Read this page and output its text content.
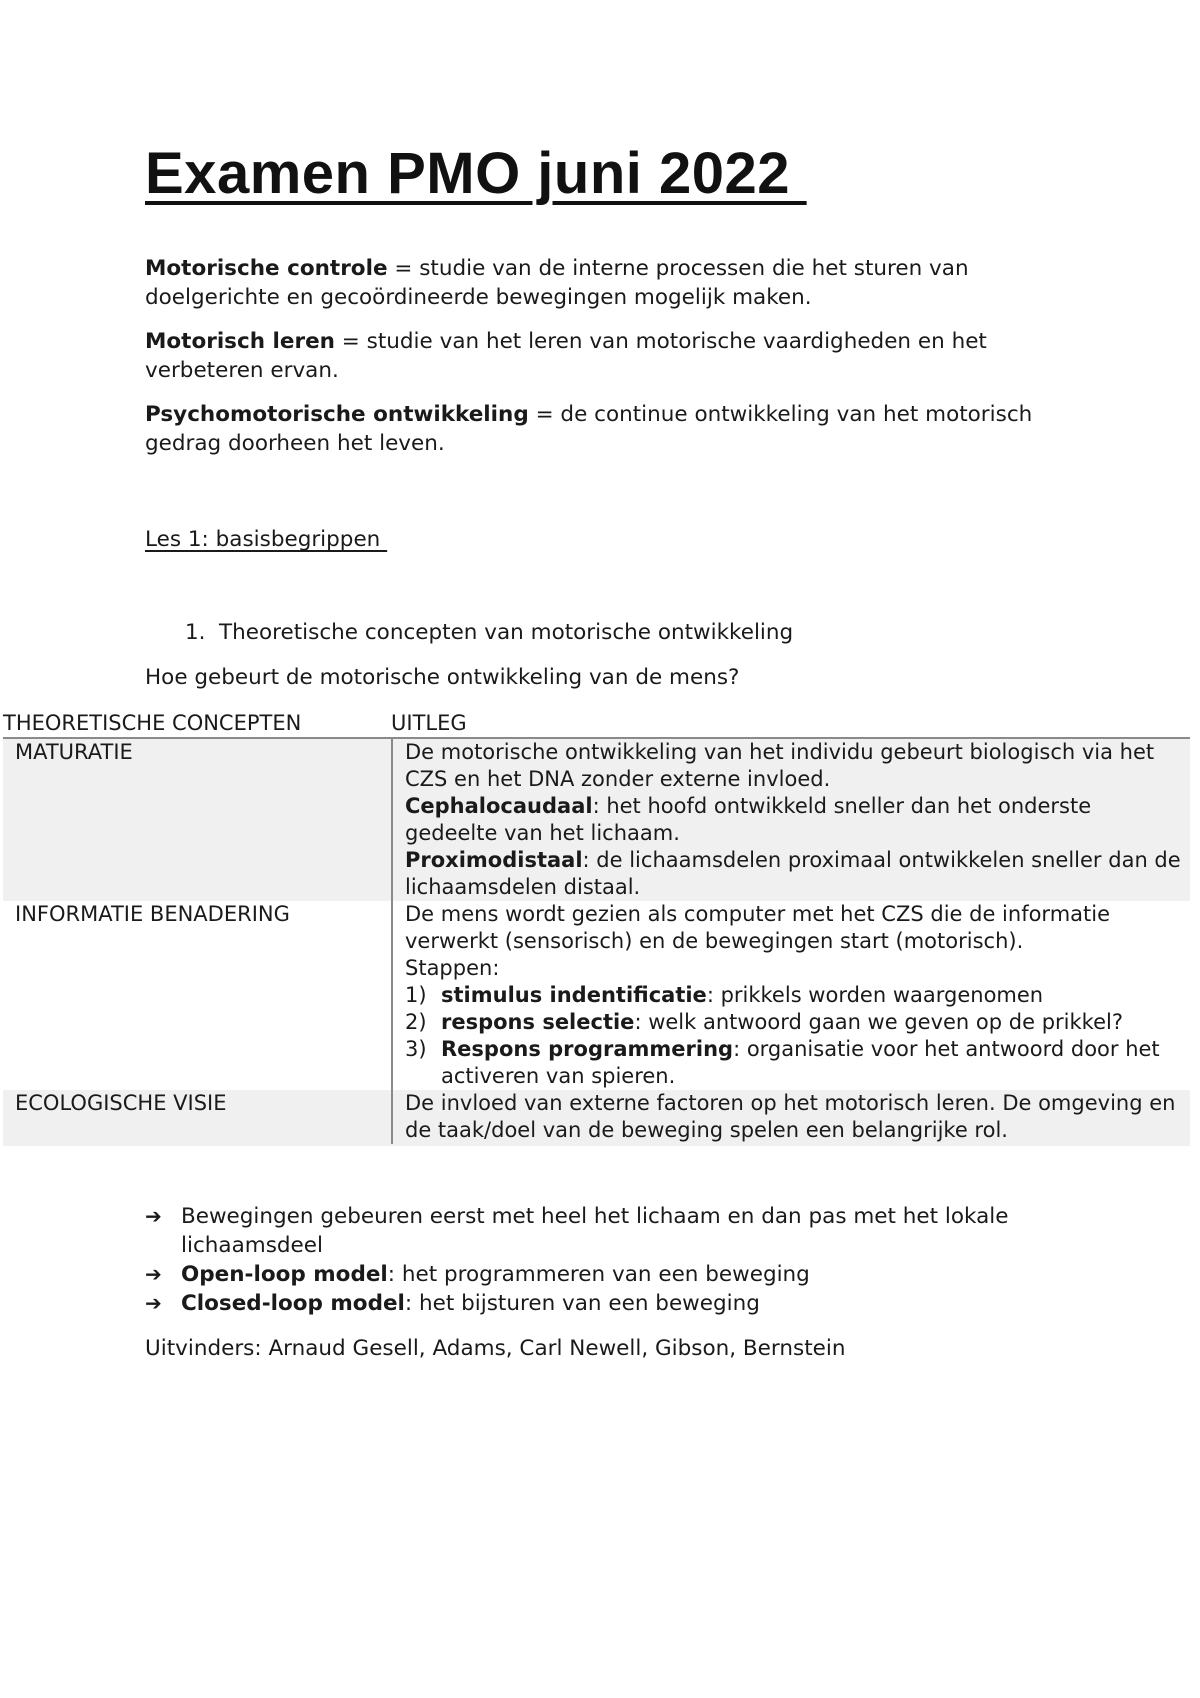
Examen PMO juni 2022

Motorische controle = studie van de interne processen die het sturen van doelgerichte en gecoördineerde bewegingen mogelijk maken.

Motorisch leren = studie van het leren van motorische vaardigheden en het verbeteren ervan.

Psychomotorische ontwikkeling = de continue ontwikkeling van het motorisch gedrag doorheen het leven.

Les 1: basisbegrippen
1. Theoretische concepten van motorische ontwikkeling
Hoe gebeurt de motorische ontwikkeling van de mens?
THEORETISCHE CONCEPTEN	UITLEG
MATURATIE	De motorische ontwikkeling van het individu gebeurt biologisch via het CZS en het DNA zonder externe invloed.
Cephalocaudaal: het hoofd ontwikkeld sneller dan het onderste gedeelte van het lichaam.
Proximodistaal: de lichaamsdelen proximaal ontwikkelen sneller dan de lichaamsdelen distaal.
INFORMATIE BENADERING	De mens wordt gezien als computer met het CZS die de informatie verwerkt (sensorisch) en de bewegingen start (motorisch).
Stappen:
1) stimulus indentificatie: prikkels worden waargenomen
2) respons selectie: welk antwoord gaan we geven op de prikkel?
3) Respons programmering: organisatie voor het antwoord door het activeren van spieren.
ECOLOGISCHE VISIE	De invloed van externe factoren op het motorisch leren. De omgeving en de taak/doel van de beweging spelen een belangrijke rol.
➔ Bewegingen gebeuren eerst met heel het lichaam en dan pas met het lokale lichaamsdeel
➔ Open-loop model: het programmeren van een beweging
➔ Closed-loop model: het bijsturen van een beweging
Uitvinders: Arnaud Gesell, Adams, Carl Newell, Gibson, Bernstein
